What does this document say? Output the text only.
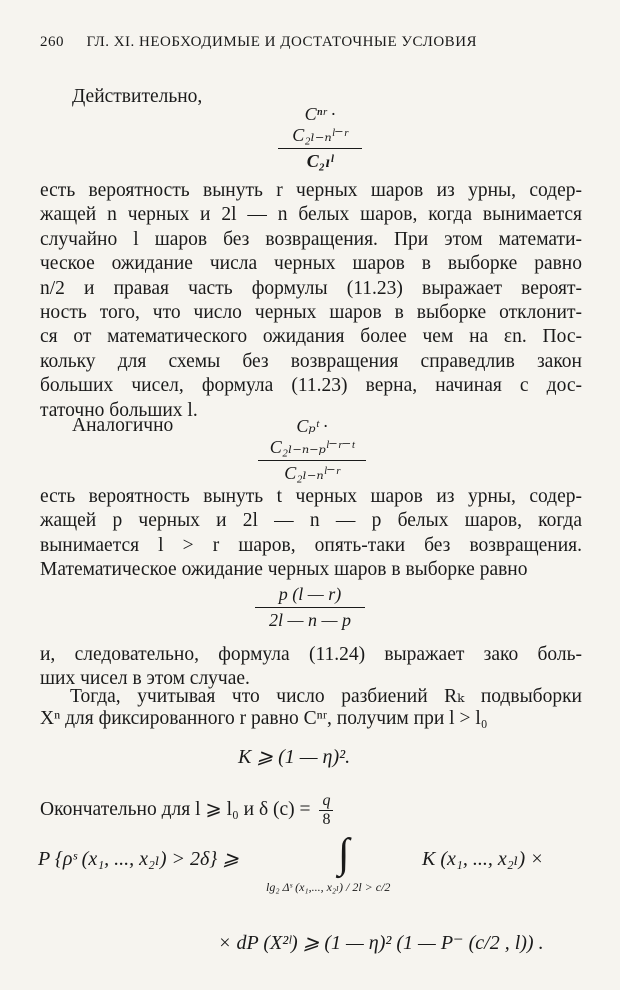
260 ГЛ. XI. НЕОБХОДИМЫЕ И ДОСТАТОЧНЫЕ УСЛОВИЯ
Действительно,
Cⁿʳ · C₂ₗ₋ₙˡ⁻ʳ
C₂ₗˡ
есть вероятность вынуть r черных шаров из урны, содер-
жащей n черных и 2l — n белых шаров, когда вынимается
случайно l шаров без возвращения. При этом математи-
ческое ожидание числа черных шаров в выборке равно
n/2 и правая часть формулы (11.23) выражает вероят-
ность того, что число черных шаров в выборке отклонит-
ся от математического ожидания более чем на εn. Пос-
кольку для схемы без возвращения справедлив закон
больших чисел, формула (11.23) верна, начиная с дос-
таточно больших l.
Аналогично	Cₚᵗ · C₂ₗ₋ₙ₋ₚˡ⁻ʳ⁻ᵗ
C₂ₗ₋ₙˡ⁻ʳ
есть вероятность вынуть t черных шаров из урны, содер-
жащей p черных и 2l — n — p белых шаров, когда
вынимается l > r шаров, опять-таки без возвращения.
Математическое ожидание черных шаров в выборке равно
p (l — r)
2l — n — p
и, следовательно, формула (11.24) выражает зако боль-
ших чисел в этом случае.
Тогда, учитывая что число разбиений Rₖ подвыборки
Xⁿ для фиксированного r равно Cⁿʳ, получим при l > l₀
K ⩾ (1 — η)².
Окончательно для l ⩾ l₀ и δ $(c) = \frac{q}{8}$
P {ρˢ (x₁, ..., x₂ₗ) > 2δ} ⩾ ∫	K (x₁, ..., x₂ₗ) ×
lg₂ Δˢ (x₁,..., x₂ₗ) / 2l > c/2
× dP (X²ˡ) ⩾ (1 — η)² (1 — P⁻ (c/2 , l)) .
